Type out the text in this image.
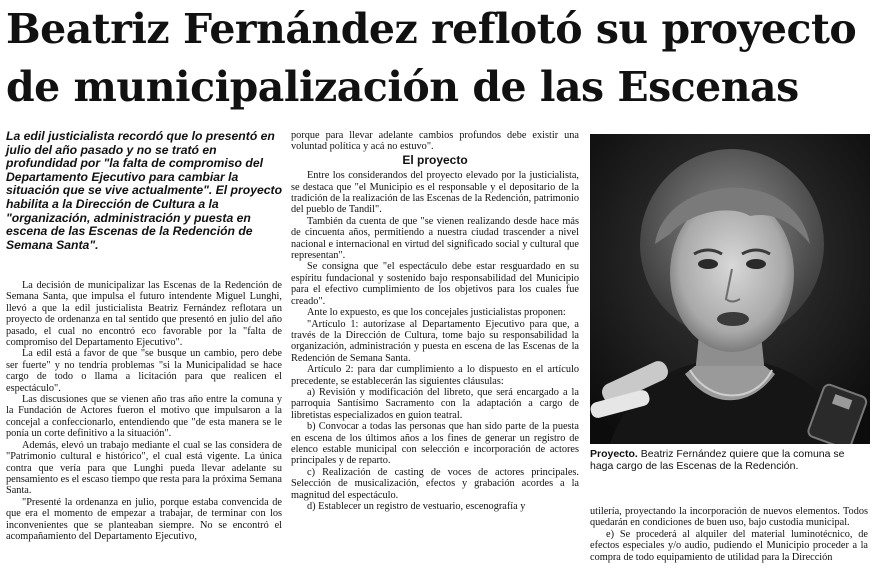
Beatriz Fernández reflotó su proyecto
de municipalización de las Escenas

La edil justicialista recordó que lo presentó en julio del año pasado y no se trató en profundidad por "la falta de compromiso del Departamento Ejecutivo para cambiar la situación que se vive actualmente". El proyecto habilita a la Dirección de Cultura a la "organización, administración y puesta en escena de las Escenas de la Redención de Semana Santa".

La decisión de municipalizar las Escenas de la Redención de Semana Santa, que impulsa el futuro intendente Miguel Lunghi, llevó a que la edil justicialista Beatriz Fernández reflotara un proyecto de ordenanza en tal sentido que presentó en julio del año pasado, el cual no encontró eco favorable por la "falta de compromiso del Departamento Ejecutivo".

La edil está a favor de que "se busque un cambio, pero debe ser fuerte" y no tendría problemas "si la Municipalidad se hace cargo de todo o llama a licitación para que realicen el espectáculo".

Las discusiones que se vienen año tras año entre la comuna y la Fundación de Actores fueron el motivo que impulsaron a la concejal a confeccionarlo, entendiendo que "de esta manera se le ponía un corte definitivo a la situación".

Además, elevó un trabajo mediante el cual se las considera de "Patrimonio cultural e histórico", el cual está vigente. La única contra que vería para que Lunghi pueda llevar adelante su pensamiento es el escaso tiempo que resta para la próxima Semana Santa.

"Presenté la ordenanza en julio, porque estaba convencida de que era el momento de empezar a trabajar, de terminar con los inconvenientes que se planteaban siempre. No se encontró el acompañamiento del Departamento Ejecutivo,

porque para llevar adelante cambios profundos debe existir una voluntad política y acá no estuvo".

El proyecto

Entre los considerandos del proyecto elevado por la justicialista, se destaca que "el Municipio es el responsable y el depositario de la tradición de la realización de las Escenas de la Redención, patrimonio del pueblo de Tandil".

También da cuenta de que "se vienen realizando desde hace más de cincuenta años, permitiendo a nuestra ciudad trascender a nivel nacional e internacional en virtud del significado social y cultural que representan".

Se consigna que "el espectáculo debe estar resguardado en su espíritu fundacional y sostenido bajo responsabilidad del Municipio para el efectivo cumplimiento de los objetivos para los cuales fue creado".

Ante lo expuesto, es que los concejales justicialistas proponen:

"Artículo 1: autorízase al Departamento Ejecutivo para que, a través de la Dirección de Cultura, tome bajo su responsabilidad la organización, administración y puesta en escena de las Escenas de la Redención de Semana Santa.

Artículo 2: para dar cumplimiento a lo dispuesto en el artículo precedente, se establecerán las siguientes cláusulas:

a) Revisión y modificación del libreto, que será encargado a la parroquia Santísimo Sacramento con la adaptación a cargo de libretistas especializados en guion teatral.

b) Convocar a todas las personas que han sido parte de la puesta en escena de los últimos años a los fines de generar un registro de elenco estable municipal con selección e incorporación de actores principales y de reparto.

c) Realización de casting de voces de actores principales. Selección de musicalización, efectos y grabación acordes a la magnitud del espectáculo.

d) Establecer un registro de vestuario, escenografía y

Proyecto. Beatriz Fernández quiere que la comuna se haga cargo de las Escenas de la Redención.

utilería, proyectando la incorporación de nuevos elementos. Todos quedarán en condiciones de buen uso, bajo custodia municipal.

e) Se procederá al alquiler del material luminotécnico, de efectos especiales y/o audio, pudiendo el Municipio proceder a la compra de todo equipamiento de utilidad para la Dirección
